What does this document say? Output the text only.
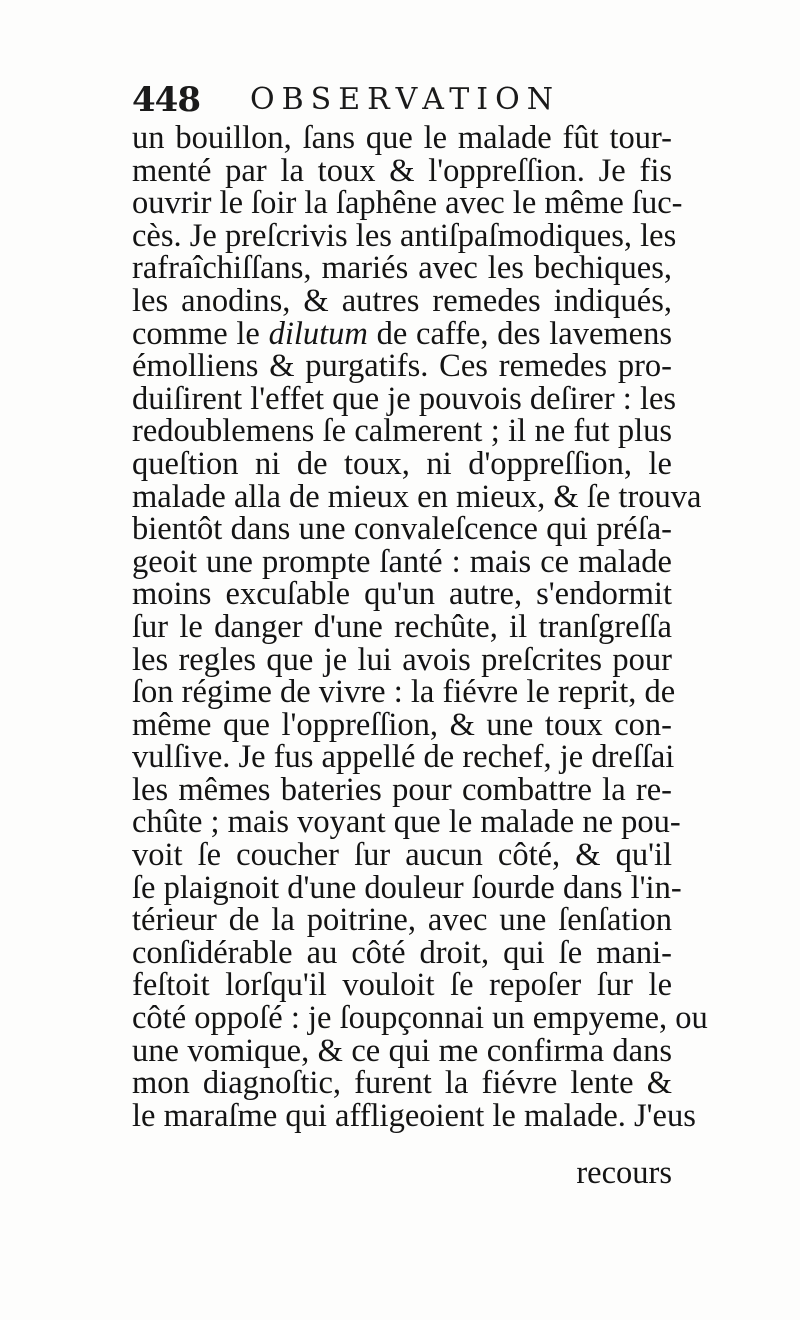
448 OBSERVATION
un bouillon, ſans que le malade fût tour-
menté par la toux & l'oppreſſion. Je fis
ouvrir le ſoir la ſaphêne avec le même ſuc-
cès. Je preſcrivis les antiſpaſmodiques, les
rafraîchiſſans, mariés avec les bechiques,
les anodins, & autres remedes indiqués,
comme le dilutum de caffe, des lavemens
émolliens & purgatifs. Ces remedes pro-
duiſirent l'effet que je pouvois deſirer : les
redoublemens ſe calmerent ; il ne fut plus
queſtion ni de toux, ni d'oppreſſion, le
malade alla de mieux en mieux, & ſe trouva
bientôt dans une convaleſcence qui préſa-
geoit une prompte ſanté : mais ce malade
moins excuſable qu'un autre, s'endormit
ſur le danger d'une rechûte, il tranſgreſſa
les regles que je lui avois preſcrites pour
ſon régime de vivre : la fiévre le reprit, de
même que l'oppreſſion, & une toux con-
vulſive. Je fus appellé de rechef, je dreſſai
les mêmes bateries pour combattre la re-
chûte ; mais voyant que le malade ne pou-
voit ſe coucher ſur aucun côté, & qu'il
ſe plaignoit d'une douleur ſourde dans l'in-
térieur de la poitrine, avec une ſenſation
conſidérable au côté droit, qui ſe mani-
feſtoit lorſqu'il vouloit ſe repoſer ſur le
côté oppoſé : je ſoupçonnai un empyeme, ou
une vomique, & ce qui me confirma dans
mon diagnoſtic, furent la fiévre lente &
le maraſme qui affligeoient le malade. J'eus
recours
